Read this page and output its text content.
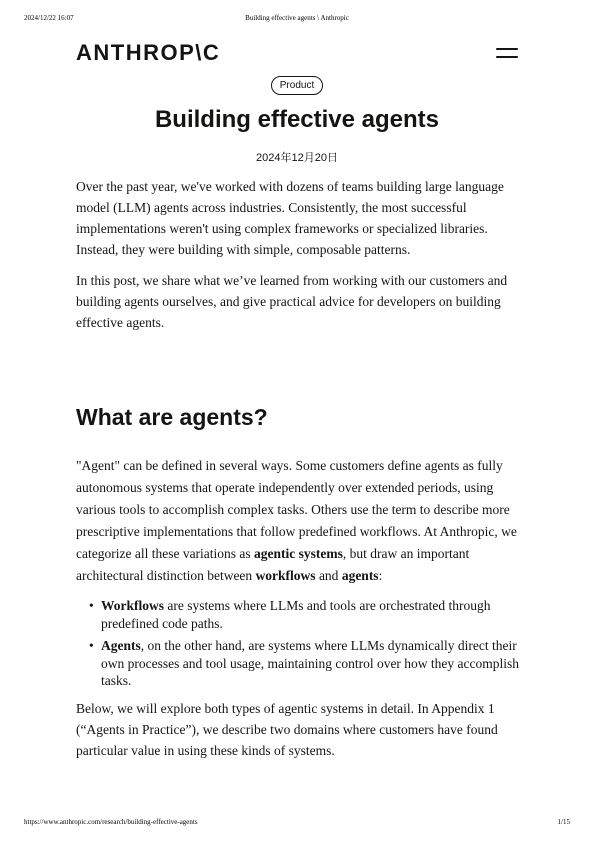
2024/12/22 16:07	Building effective agents \ Anthropic
ANTHROP\C
Product
Building effective agents
2024年12月20日

Over the past year, we've worked with dozens of teams building large language model (LLM) agents across industries. Consistently, the most successful implementations weren't using complex frameworks or specialized libraries. Instead, they were building with simple, composable patterns.

In this post, we share what we’ve learned from working with our customers and building agents ourselves, and give practical advice for developers on building effective agents.

What are agents?

"Agent" can be defined in several ways. Some customers define agents as fully autonomous systems that operate independently over extended periods, using various tools to accomplish complex tasks. Others use the term to describe more prescriptive implementations that follow predefined workflows. At Anthropic, we categorize all these variations as agentic systems, but draw an important architectural distinction between workflows and agents:

• Workflows are systems where LLMs and tools are orchestrated through predefined code paths.
• Agents, on the other hand, are systems where LLMs dynamically direct their own processes and tool usage, maintaining control over how they accomplish tasks.

Below, we will explore both types of agentic systems in detail. In Appendix 1 (“Agents in Practice”), we describe two domains where customers have found particular value in using these kinds of systems.

https://www.anthropic.com/research/building-effective-agents	1/15
